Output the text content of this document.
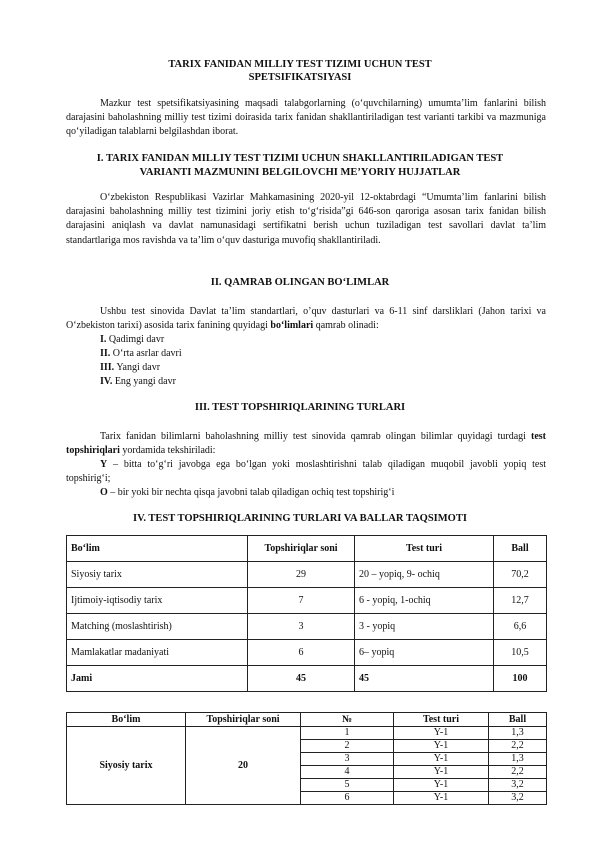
TARIX FANIDAN MILLIY TEST TIZIMI UCHUN TEST
SPETSIFIKATSIYASI

Mazkur test spetsifikatsiyasining maqsadi talabgorlarning (o‘quvchilarning) umumta’lim fanlarini bilish darajasini baholashning milliy test tizimi doirasida tarix fanidan shakllantiriladigan test varianti tarkibi va mazmuniga qo‘yiladigan talablarni belgilashdan iborat.

I. TARIX FANIDAN MILLIY TEST TIZIMI UCHUN SHAKLLANTIRILADIGAN TEST
VARIANTI MAZMUNINI BELGILOVCHI ME’YORIY HUJJATLAR

O‘zbekiston Respublikasi Vazirlar Mahkamasining 2020-yil 12-oktabrdagi “Umumta’lim fanlarini bilish darajasini baholashning milliy test tizimini joriy etish to‘g‘risida”gi 646-son qaroriga asosan tarix fanidan bilish darajasini aniqlash va davlat namunasidagi sertifikatni berish uchun tuziladigan test savollari davlat ta’lim standartlariga mos ravishda va ta’lim o‘quv dasturiga muvofiq shakllantiriladi.

II. QAMRAB OLINGAN BO‘LIMLAR

Ushbu test sinovida Davlat ta’lim standartlari, o’quv dasturlari va 6-11 sinf darsliklari (Jahon tarixi va O‘zbekiston tarixi) asosida tarix fanining quyidagi bo‘limlari qamrab olinadi:

I. Qadimgi davr
II. O‘rta asrlar davri
III. Yangi davr
IV. Eng yangi davr
III. TEST TOPSHIRIQLARINING TURLARI

Tarix fanidan bilimlarni baholashning milliy test sinovida qamrab olingan bilimlar quyidagi turdagi test topshiriqlari yordamida tekshiriladi:

Y – bitta to‘g‘ri javobga ega bo‘lgan yoki moslashtirishni talab qiladigan muqobil javobli yopiq test topshirig‘i;

O – bir yoki bir nechta qisqa javobni talab qiladigan ochiq test topshirig‘i

IV. TEST TOPSHIRIQLARINING TURLARI VA BALLAR TAQSIMOTI
Bo‘lim	Topshiriqlar soni	Test turi	Ball
Siyosiy tarix	29	20 – yopiq, 9- ochiq	70,2
Ijtimoiy-iqtisodiy tarix	7	6 - yopiq, 1-ochiq	12,7
Matching (moslashtirish)	3	3 - yopiq	6,6
Mamlakatlar madaniyati	6	6– yopiq	10,5
Jami	45	45	100
Bo‘lim	Topshiriqlar soni	№	Test turi	Ball
Siyosiy tarix	20	1	Y-1	1,3
		2	Y-1	2,2
		3	Y-1	1,3
		4	Y-1	2,2
		5	Y-1	3,2
		6	Y-1	3,2
